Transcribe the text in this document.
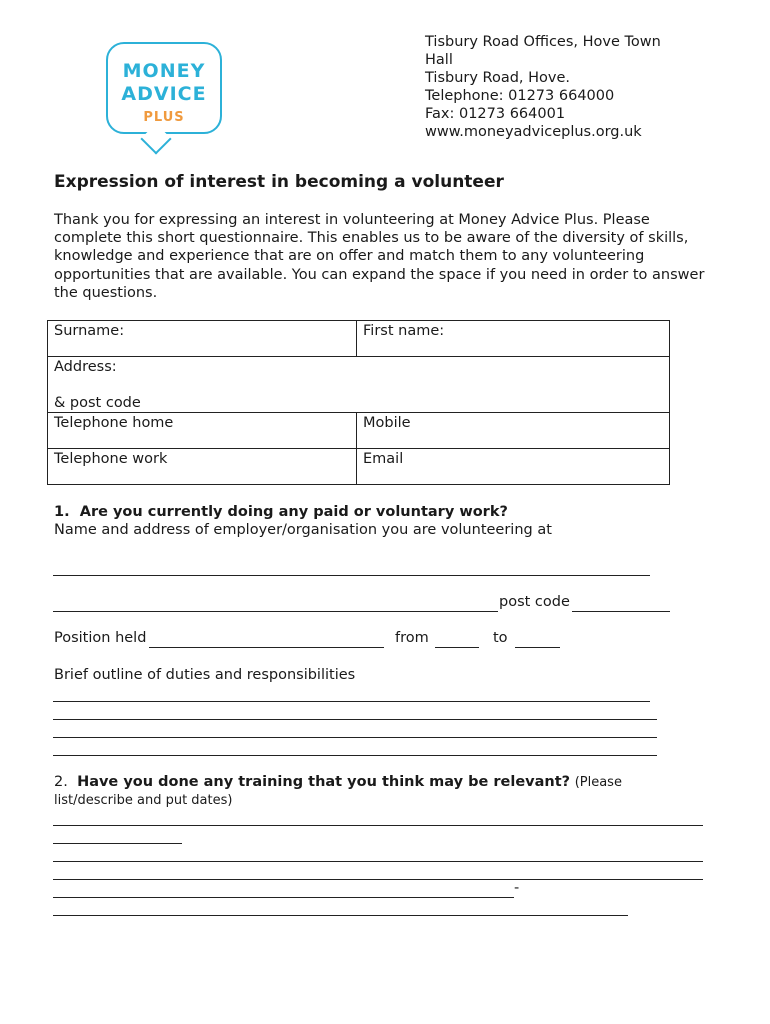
MONEY
ADVICE
PLUS
Tisbury Road Offices, Hove Town
Hall
Tisbury Road, Hove.
Telephone: 01273 664000
Fax: 01273 664001
www.moneyadviceplus.org.uk
Expression of interest in becoming a volunteer
Thank you for expressing an interest in volunteering at Money Advice Plus. Please complete this short questionnaire. This enables us to be aware of the diversity of skills, knowledge and experience that are on offer and match them to any volunteering opportunities that are available. You can expand the space if you need in order to answer the questions.
Surname:	First name:

Address:
& post code	

Telephone home	Mobile
Telephone work	Email
1. Are you currently doing any paid or voluntary work?
Name and address of employer/organisation you are volunteering at
post code
Position held	from	to
Brief outline of duties and responsibilities
2. Have you done any training that you think may be relevant? (Please
list/describe and put dates)
-
